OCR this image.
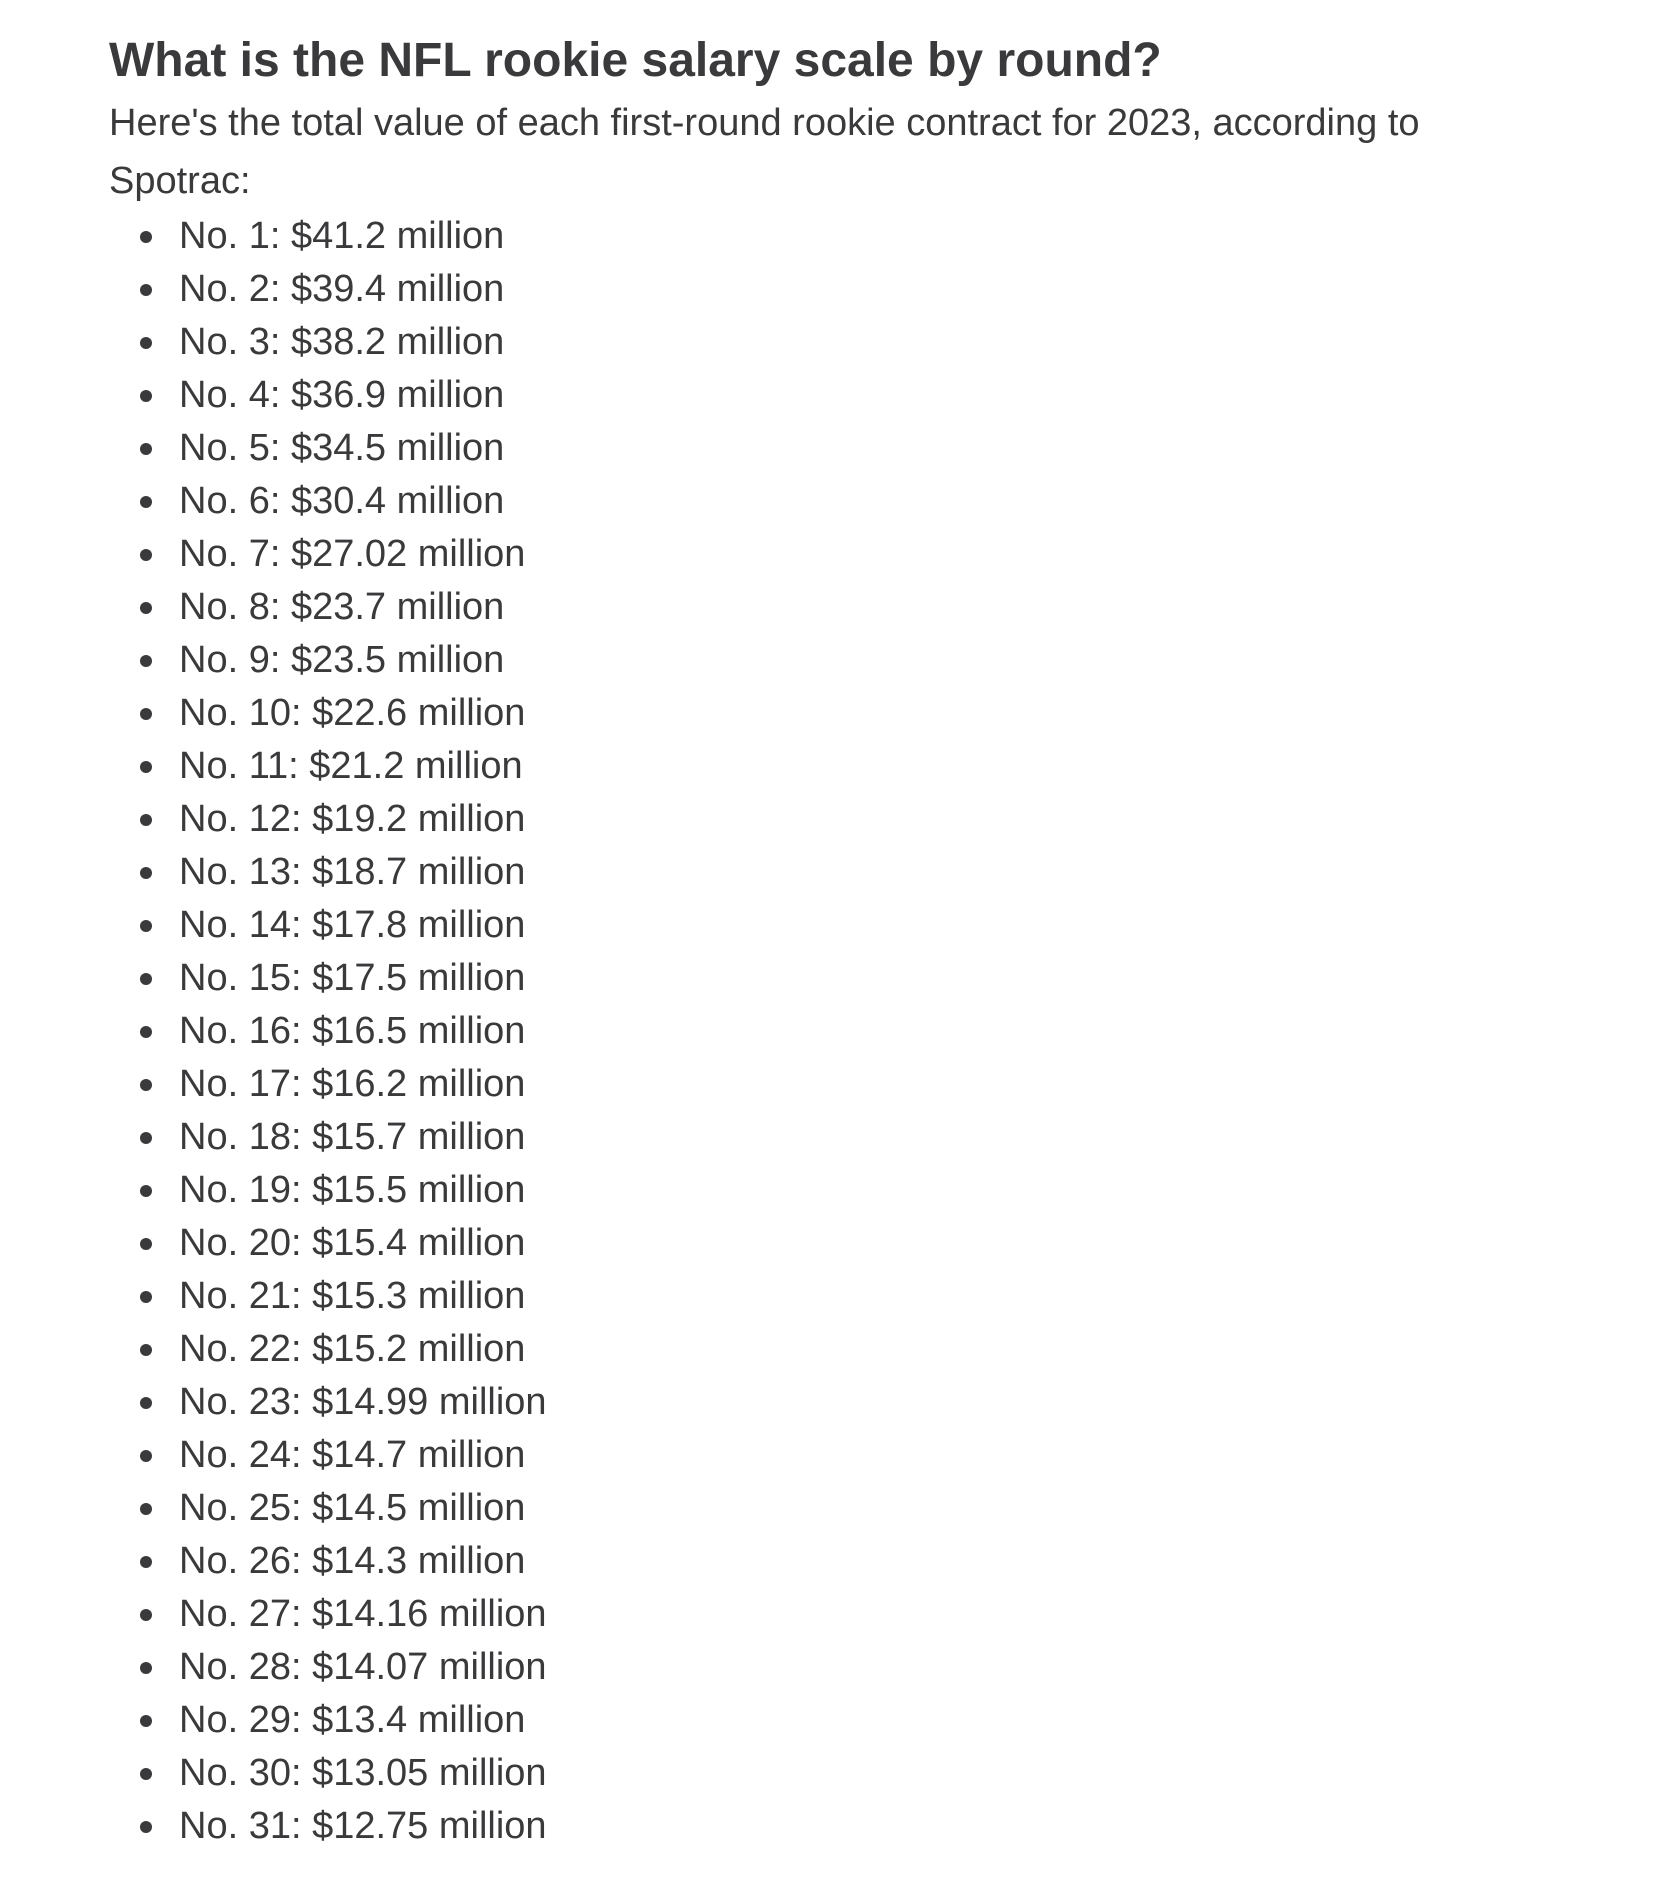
What is the NFL rookie salary scale by round?

Here's the total value of each first-round rookie contract for 2023, according to Spotrac:

No. 1: $41.2 million
No. 2: $39.4 million
No. 3: $38.2 million
No. 4: $36.9 million
No. 5: $34.5 million
No. 6: $30.4 million
No. 7: $27.02 million
No. 8: $23.7 million
No. 9: $23.5 million
No. 10: $22.6 million
No. 11: $21.2 million
No. 12: $19.2 million
No. 13: $18.7 million
No. 14: $17.8 million
No. 15: $17.5 million
No. 16: $16.5 million
No. 17: $16.2 million
No. 18: $15.7 million
No. 19: $15.5 million
No. 20: $15.4 million
No. 21: $15.3 million
No. 22: $15.2 million
No. 23: $14.99 million
No. 24: $14.7 million
No. 25: $14.5 million
No. 26: $14.3 million
No. 27: $14.16 million
No. 28: $14.07 million
No. 29: $13.4 million
No. 30: $13.05 million
No. 31: $12.75 million
